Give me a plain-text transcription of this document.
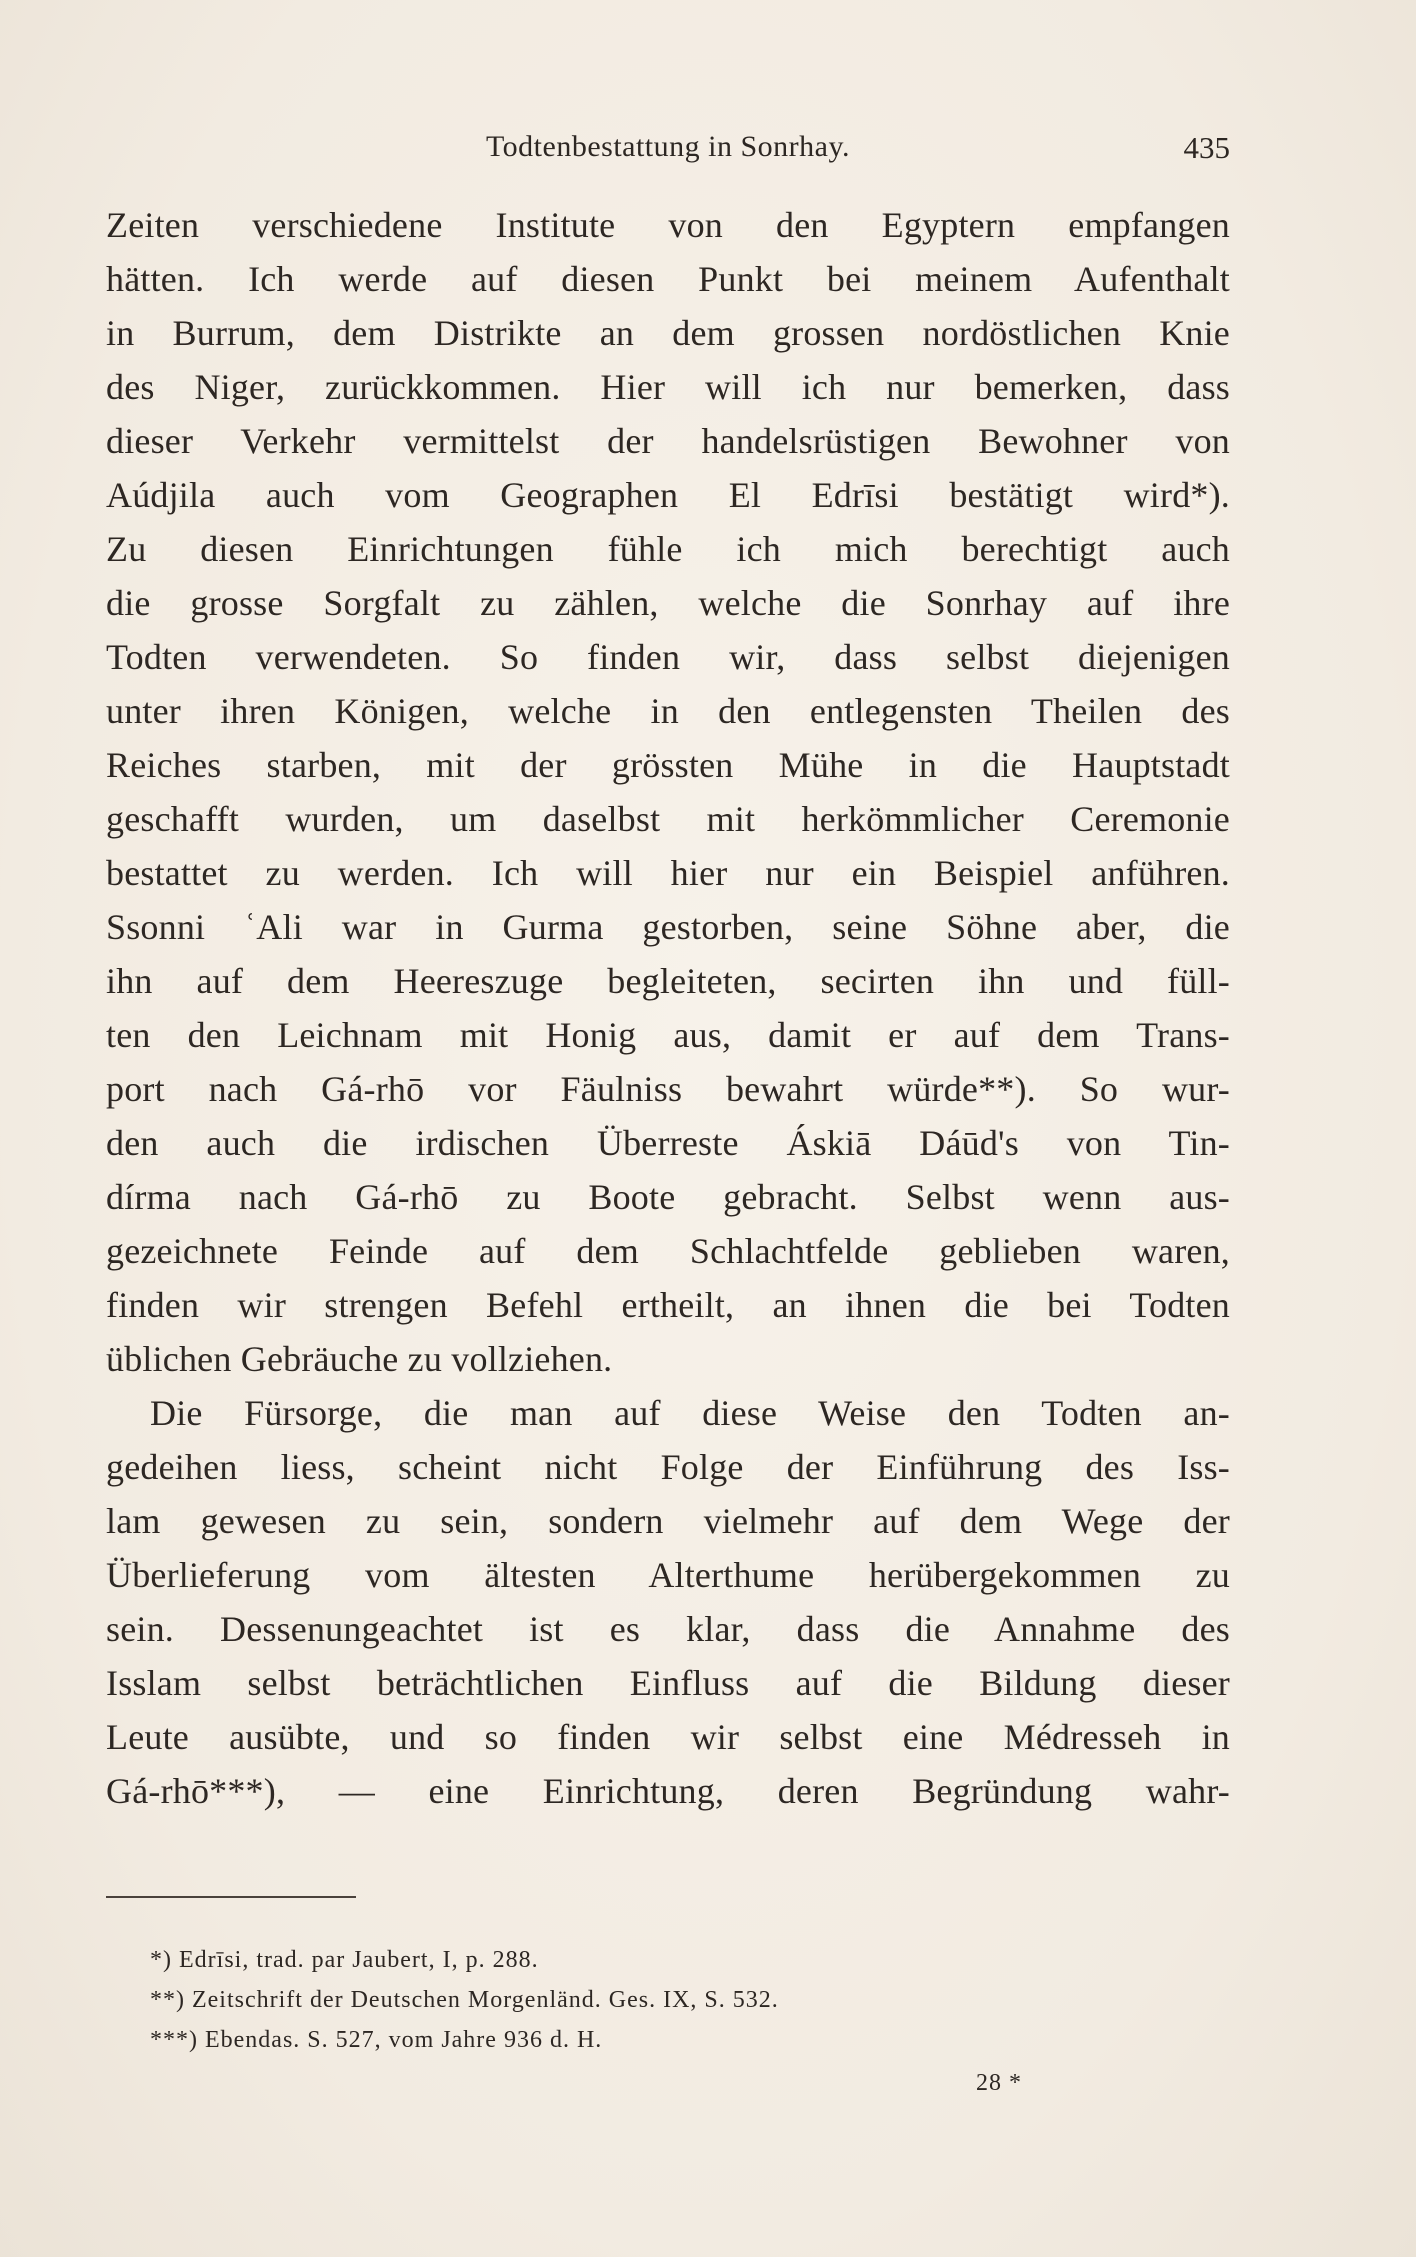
Todtenbestattung in Sonrhay.	435
Zeiten verschiedene Institute von den Egyptern empfangen
hätten. Ich werde auf diesen Punkt bei meinem Aufenthalt
in Burrum, dem Distrikte an dem grossen nordöstlichen Knie
des Niger, zurückkommen. Hier will ich nur bemerken, dass
dieser Verkehr vermittelst der handelsrüstigen Bewohner von
Aúdjila auch vom Geographen El Edrīsi bestätigt wird*).
Zu diesen Einrichtungen fühle ich mich berechtigt auch
die grosse Sorgfalt zu zählen, welche die Sonrhay auf ihre
Todten verwendeten. So finden wir, dass selbst diejenigen
unter ihren Königen, welche in den entlegensten Theilen des
Reiches starben, mit der grössten Mühe in die Hauptstadt
geschafft wurden, um daselbst mit herkömmlicher Ceremonie
bestattet zu werden. Ich will hier nur ein Beispiel anführen.
Ssonni ʿAli war in Gurma gestorben, seine Söhne aber, die
ihn auf dem Heereszuge begleiteten, secirten ihn und füll-
ten den Leichnam mit Honig aus, damit er auf dem Trans-
port nach Gá-rhō vor Fäulniss bewahrt würde**). So wur-
den auch die irdischen Überreste Áskiā Dáūd's von Tin-
dírma nach Gá-rhō zu Boote gebracht. Selbst wenn aus-
gezeichnete Feinde auf dem Schlachtfelde geblieben waren,
finden wir strengen Befehl ertheilt, an ihnen die bei Todten
üblichen Gebräuche zu vollziehen.
Die Fürsorge, die man auf diese Weise den Todten an-
gedeihen liess, scheint nicht Folge der Einführung des Iss-
lam gewesen zu sein, sondern vielmehr auf dem Wege der
Überlieferung vom ältesten Alterthume herübergekommen zu
sein. Dessenungeachtet ist es klar, dass die Annahme des
Isslam selbst beträchtlichen Einfluss auf die Bildung dieser
Leute ausübte, und so finden wir selbst eine Médresseh in
Gá-rhō***), — eine Einrichtung, deren Begründung wahr-
*) Edrīsi, trad. par Jaubert, I, p. 288.
**) Zeitschrift der Deutschen Morgenländ. Ges. IX, S. 532.
***) Ebendas. S. 527, vom Jahre 936 d. H.
28 *
